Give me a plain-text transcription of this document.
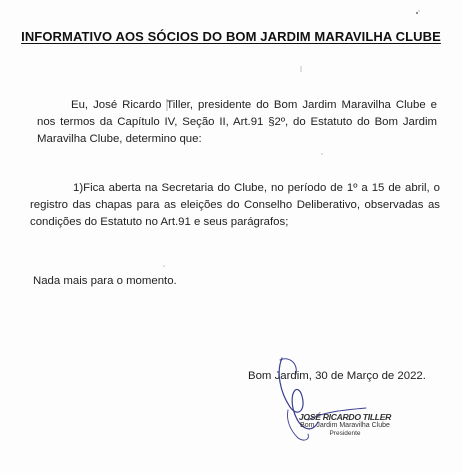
INFORMATIVO AOS SÓCIOS DO BOM JARDIM MARAVILHA CLUBE
Eu, José Ricardo Tiller, presidente do Bom Jardim Maravilha Clube e nos termos da Capítulo IV, Seção II, Art.91 §2º, do Estatuto do Bom Jardim Maravilha Clube, determino que:
1)Fica aberta na Secretaria do Clube, no período de 1º a 15 de abril, o registro das chapas para as eleições do Conselho Deliberativo, observadas as condições do Estatuto no Art.91 e seus parágrafos;
Nada mais para o momento.
Bom Jardim, 30 de Março de 2022.
JOSÉ RICARDO TILLER
Bom Jardim Maravilha Clube
Presidente
